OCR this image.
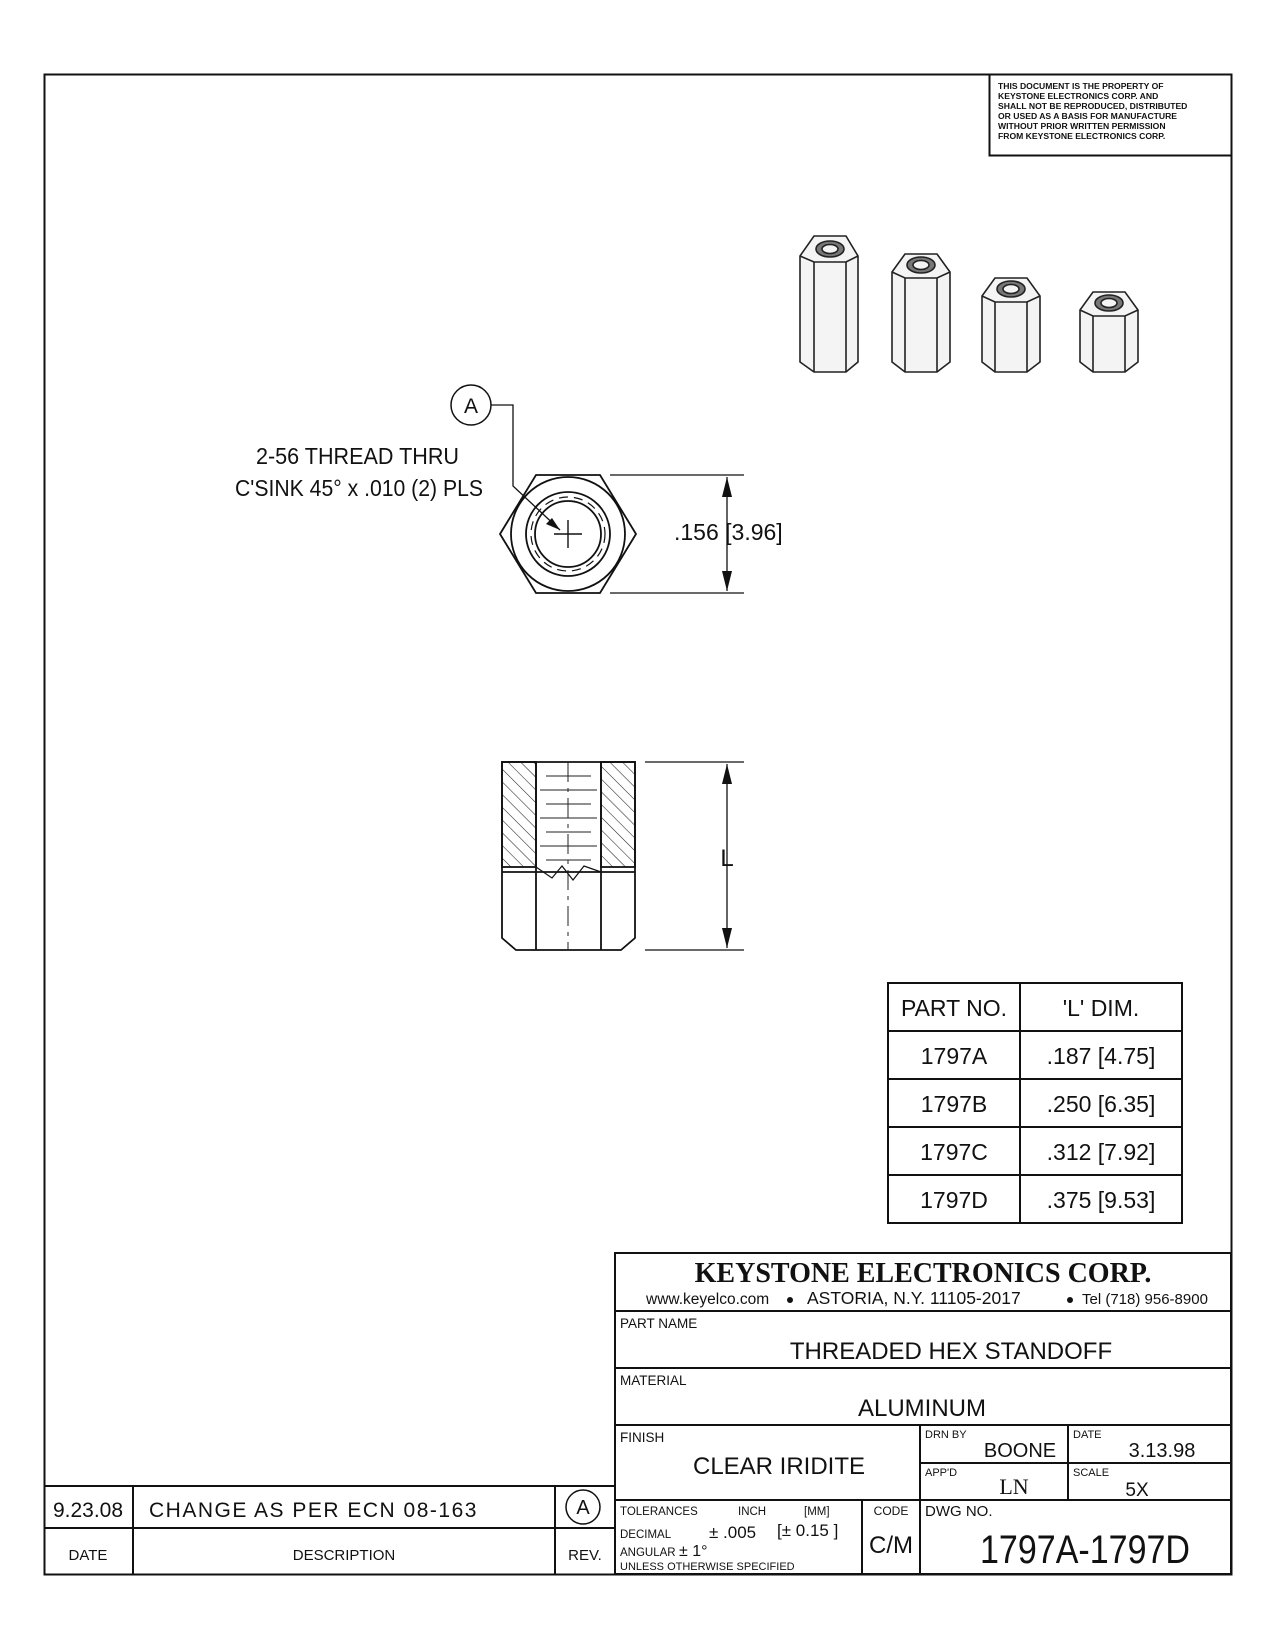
THIS DOCUMENT IS THE PROPERTY OF
KEYSTONE ELECTRONICS CORP. AND
SHALL NOT BE REPRODUCED, DISTRIBUTED
OR USED AS A BASIS FOR MANUFACTURE
WITHOUT PRIOR WRITTEN PERMISSION
FROM KEYSTONE ELECTRONICS CORP.
A
2-56 THREAD THRU
C'SINK 45° x .010 (2) PLS
.156 [3.96]
L
PART NO. 'L' DIM.
1797A	.187 [4.75]
1797B	.250 [6.35]
1797C	.312 [7.92]
1797D	.375 [9.53]
KEYSTONE ELECTRONICS CORP.
www.keyelco.com ASTORIA, N.Y. 11105-2017	Tel (718) 956-8900
PART NAME
THREADED HEX STANDOFF
MATERIAL
ALUMINUM
FINISH
CLEAR IRIDITE
DRN BY
BOONE
DATE
3.13.98
APP'D
LN
SCALE
5X
TOLERANCES	INCH	[MM]
DECIMAL ± .005 [± 0.15 ]
ANGULAR ± 1°
UNLESS OTHERWISE SPECIFIED
CODE
C/M
DWG NO.
1797A-1797D
9.23.08 CHANGE AS PER ECN 08-163	A
DATE	DESCRIPTION	REV.
